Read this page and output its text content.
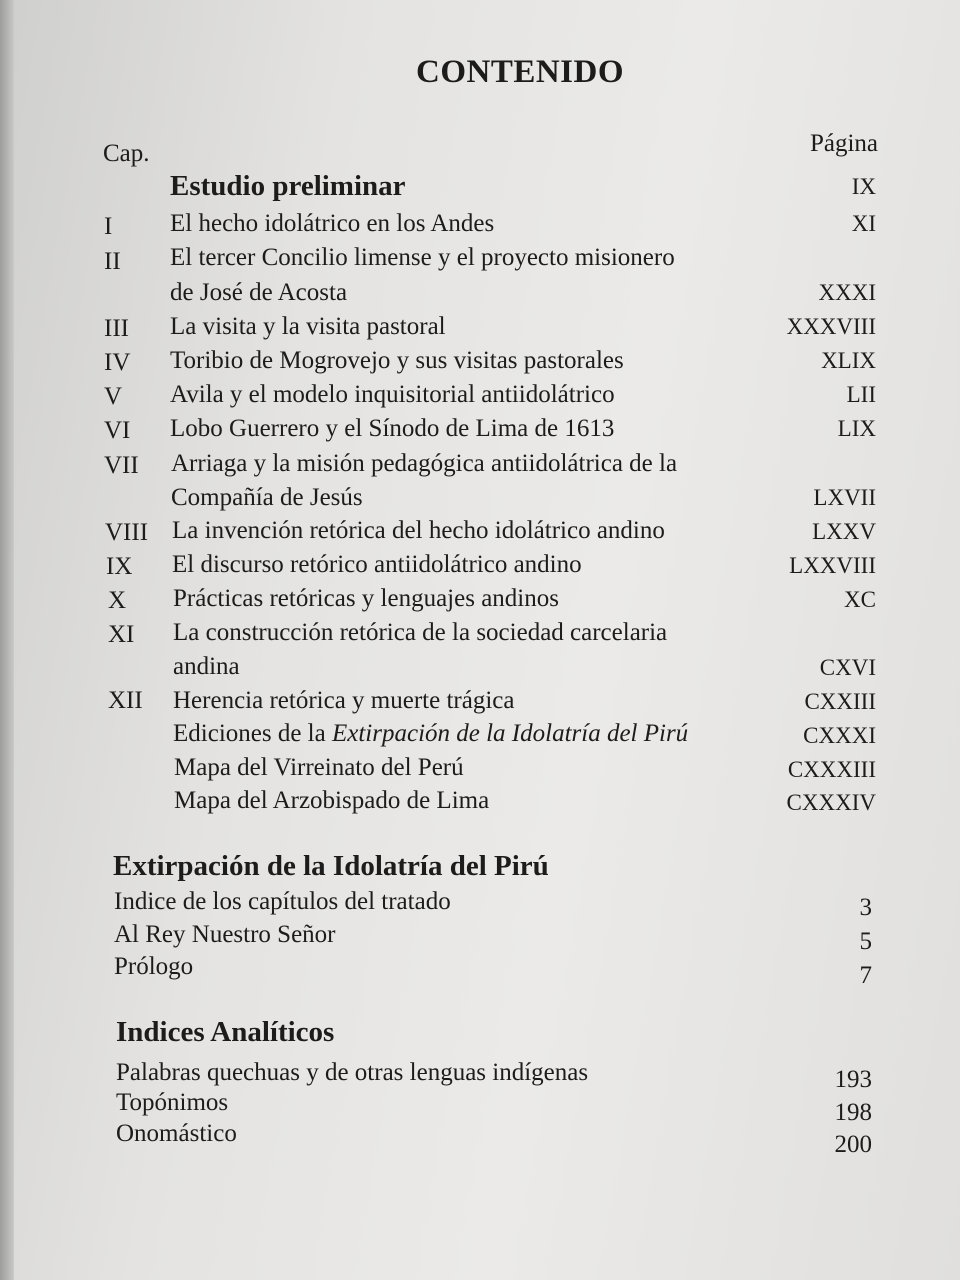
CONTENIDO
Cap.	Página
Estudio preliminar	IX
I El hecho idolátrico en los Andes	XI
II El tercer Concilio limense y el proyecto misionero
de José de Acosta	XXXI
III La visita y la visita pastoral	XXXVIII
IV Toribio de Mogrovejo y sus visitas pastorales	XLIX
V Avila y el modelo inquisitorial antiidolátrico	LII
VI Lobo Guerrero y el Sínodo de Lima de 1613	LIX
VII Arriaga y la misión pedagógica antiidolátrica de la
Compañía de Jesús	LXVII
VIII La invención retórica del hecho idolátrico andino	LXXV
IX El discurso retórico antiidolátrico andino	LXXVIII
X Prácticas retóricas y lenguajes andinos	XC
XI La construcción retórica de la sociedad carcelaria
andina	CXVI
XII Herencia retórica y muerte trágica	CXXIII
Ediciones de la Extirpación de la Idolatría del Pirú	CXXXI
Mapa del Virreinato del Perú	CXXXIII
Mapa del Arzobispado de Lima	CXXXIV
Extirpación de la Idolatría del Pirú
Indice de los capítulos del tratado	3
Al Rey Nuestro Señor	5
Prólogo	7
Indices Analíticos
Palabras quechuas y de otras lenguas indígenas	193
Topónimos	198
Onomástico	200
